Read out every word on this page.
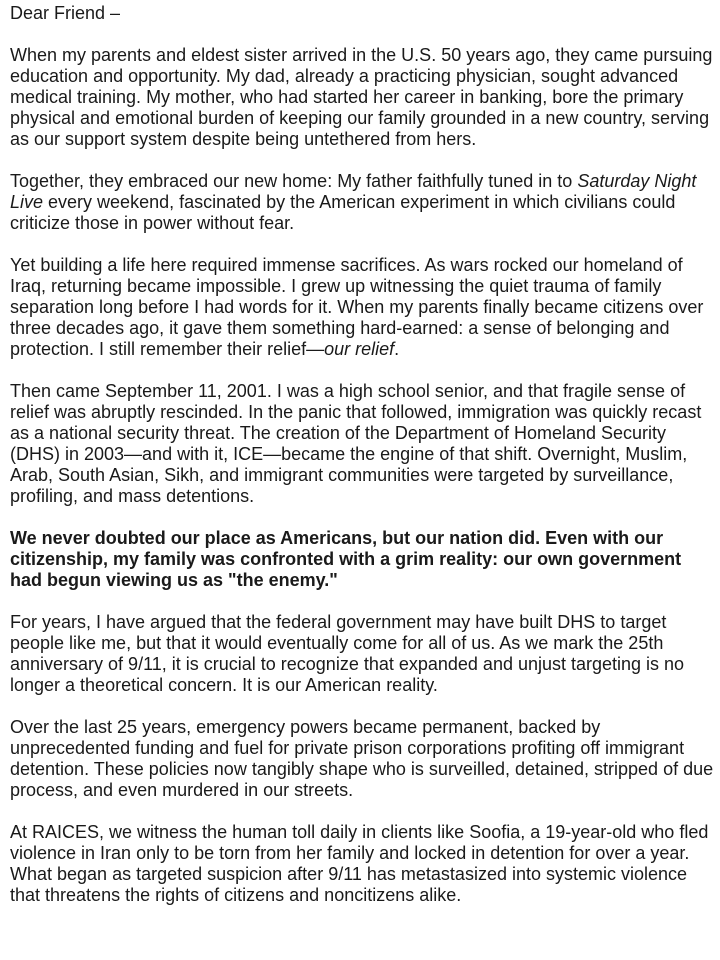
Dear Friend –

When my parents and eldest sister arrived in the U.S. 50 years ago, they came pursuing education and opportunity. My dad, already a practicing physician, sought advanced medical training. My mother, who had started her career in banking, bore the primary physical and emotional burden of keeping our family grounded in a new country, serving as our support system despite being untethered from hers.

Together, they embraced our new home: My father faithfully tuned in to Saturday Night Live every weekend, fascinated by the American experiment in which civilians could criticize those in power without fear.

Yet building a life here required immense sacrifices. As wars rocked our homeland of Iraq, returning became impossible. I grew up witnessing the quiet trauma of family separation long before I had words for it. When my parents finally became citizens over three decades ago, it gave them something hard-earned: a sense of belonging and protection. I still remember their relief—our relief.

Then came September 11, 2001. I was a high school senior, and that fragile sense of relief was abruptly rescinded. In the panic that followed, immigration was quickly recast as a national security threat. The creation of the Department of Homeland Security (DHS) in 2003—and with it, ICE—became the engine of that shift. Overnight, Muslim, Arab, South Asian, Sikh, and immigrant communities were targeted by surveillance, profiling, and mass detentions.

We never doubted our place as Americans, but our nation did. Even with our citizenship, my family was confronted with a grim reality: our own government had begun viewing us as "the enemy."

For years, I have argued that the federal government may have built DHS to target people like me, but that it would eventually come for all of us. As we mark the 25th anniversary of 9/11, it is crucial to recognize that expanded and unjust targeting is no longer a theoretical concern. It is our American reality.

Over the last 25 years, emergency powers became permanent, backed by unprecedented funding and fuel for private prison corporations profiting off immigrant detention. These policies now tangibly shape who is surveilled, detained, stripped of due process, and even murdered in our streets.

At RAICES, we witness the human toll daily in clients like Soofia, a 19-year-old who fled violence in Iran only to be torn from her family and locked in detention for over a year. What began as targeted suspicion after 9/11 has metastasized into systemic violence that threatens the rights of citizens and noncitizens alike.
